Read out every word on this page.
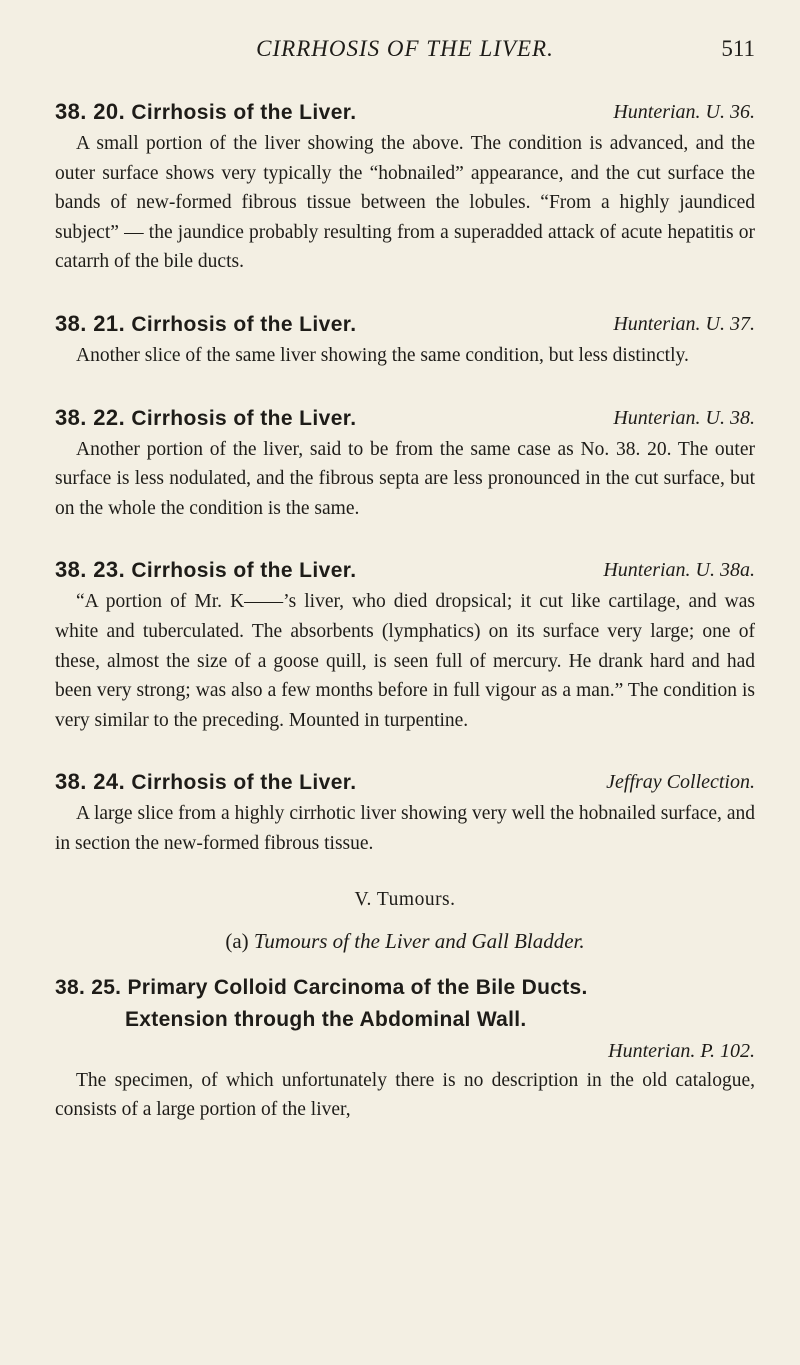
CIRRHOSIS OF THE LIVER.	511
38. 20. Cirrhosis of the Liver.	Hunterian. U. 36.

A small portion of the liver showing the above. The condition is advanced, and the outer surface shows very typically the “hobnailed” appearance, and the cut surface the bands of new-formed fibrous tissue between the lobules. “From a highly jaundiced subject” — the jaundice probably resulting from a superadded attack of acute hepatitis or catarrh of the bile ducts.

38. 21. Cirrhosis of the Liver.	Hunterian. U. 37.

Another slice of the same liver showing the same condition, but less distinctly.

38. 22. Cirrhosis of the Liver.	Hunterian. U. 38.

Another portion of the liver, said to be from the same case as No. 38. 20. The outer surface is less nodulated, and the fibrous septa are less pronounced in the cut surface, but on the whole the condition is the same.

38. 23. Cirrhosis of the Liver.	Hunterian. U. 38a.

“A portion of Mr. K——’s liver, who died dropsical; it cut like cartilage, and was white and tuberculated. The absorbents (lymphatics) on its surface very large; one of these, almost the size of a goose quill, is seen full of mercury. He drank hard and had been very strong; was also a few months before in full vigour as a man.” The condition is very similar to the preceding. Mounted in turpentine.

38. 24. Cirrhosis of the Liver.	Jeffray Collection.

A large slice from a highly cirrhotic liver showing very well the hobnailed surface, and in section the new-formed fibrous tissue.

V. Tumours.
(a) Tumours of the Liver and Gall Bladder.
38. 25. Primary Colloid Carcinoma of the Bile Ducts.
Extension through the Abdominal Wall.
Hunterian. P. 102.

The specimen, of which unfortunately there is no description in the old catalogue, consists of a large portion of the liver,
